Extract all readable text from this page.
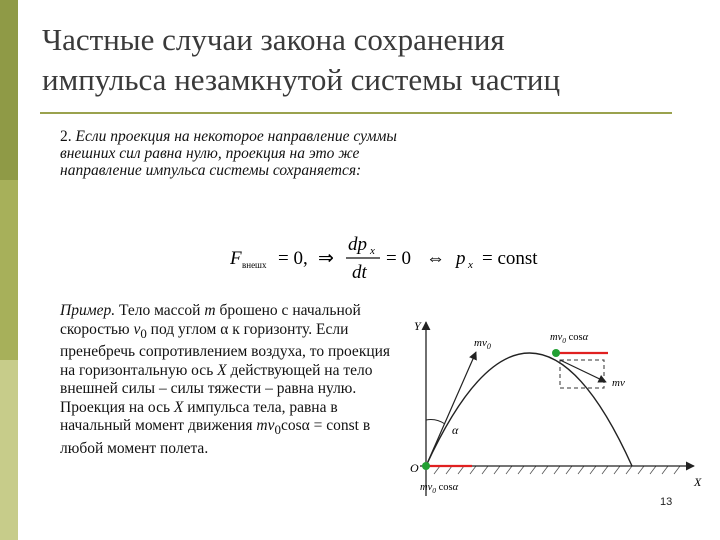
Частные случаи закона сохранения
импульса незамкнутой системы частиц
2. Если проекция на некоторое направление суммы внешних сил равна нулю, проекция на это же направление импульса системы сохраняется:
F внешх = 0, ⇒
dp x
dt
= 0 ⇔ p x = const
Пример. Тело массой m брошено с начальной скоростью $v_0$ под углом α к горизонту. Если пренебречь сопротивлением воздуха, то проекция на горизонтальную ось X действующей на тело внешней силы – силы тяжести – равна нулю. Проекция на ось X импульса тела, равна в начальный момент движения $mv_0\cos\alpha$ = const в любой момент полета.
Y
X
O
$mv_0$
α
$mv_0$ cosα
$mv_0$ cosα
mv
13
